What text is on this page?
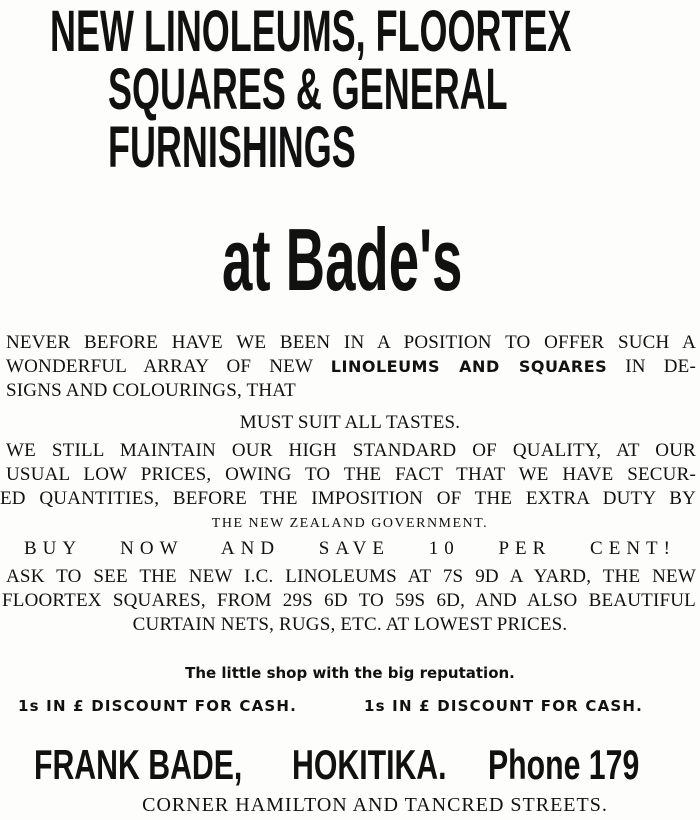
NEW LINOLEUMS, FLOORTEX
SQUARES & GENERAL
FURNISHINGS
at Bade's
NEVER BEFORE HAVE WE BEEN IN A POSITION TO OFFER SUCH A
WONDERFUL ARRAY OF NEW LINOLEUMS AND SQUARES IN DE-
SIGNS AND COLOURINGS, THAT
MUST SUIT ALL TASTES.
WE STILL MAINTAIN OUR HIGH STANDARD OF QUALITY, AT OUR
USUAL LOW PRICES, OWING TO THE FACT THAT WE HAVE SECUR-
ED QUANTITIES, BEFORE THE IMPOSITION OF THE EXTRA DUTY BY
THE NEW ZEALAND GOVERNMENT.
BUY NOW AND SAVE 10 PER CENT!
ASK TO SEE THE NEW I.C. LINOLEUMS AT 7S 9D A YARD, THE NEW
FLOORTEX SQUARES, FROM 29S 6D TO 59S 6D, AND ALSO BEAUTIFUL
CURTAIN NETS, RUGS, ETC. AT LOWEST PRICES.
The little shop with the big reputation.
1s IN £ DISCOUNT FOR CASH.	1s IN £ DISCOUNT FOR CASH.
FRANK BADE, HOKITIKA. Phone 179
CORNER HAMILTON AND TANCRED STREETS.
